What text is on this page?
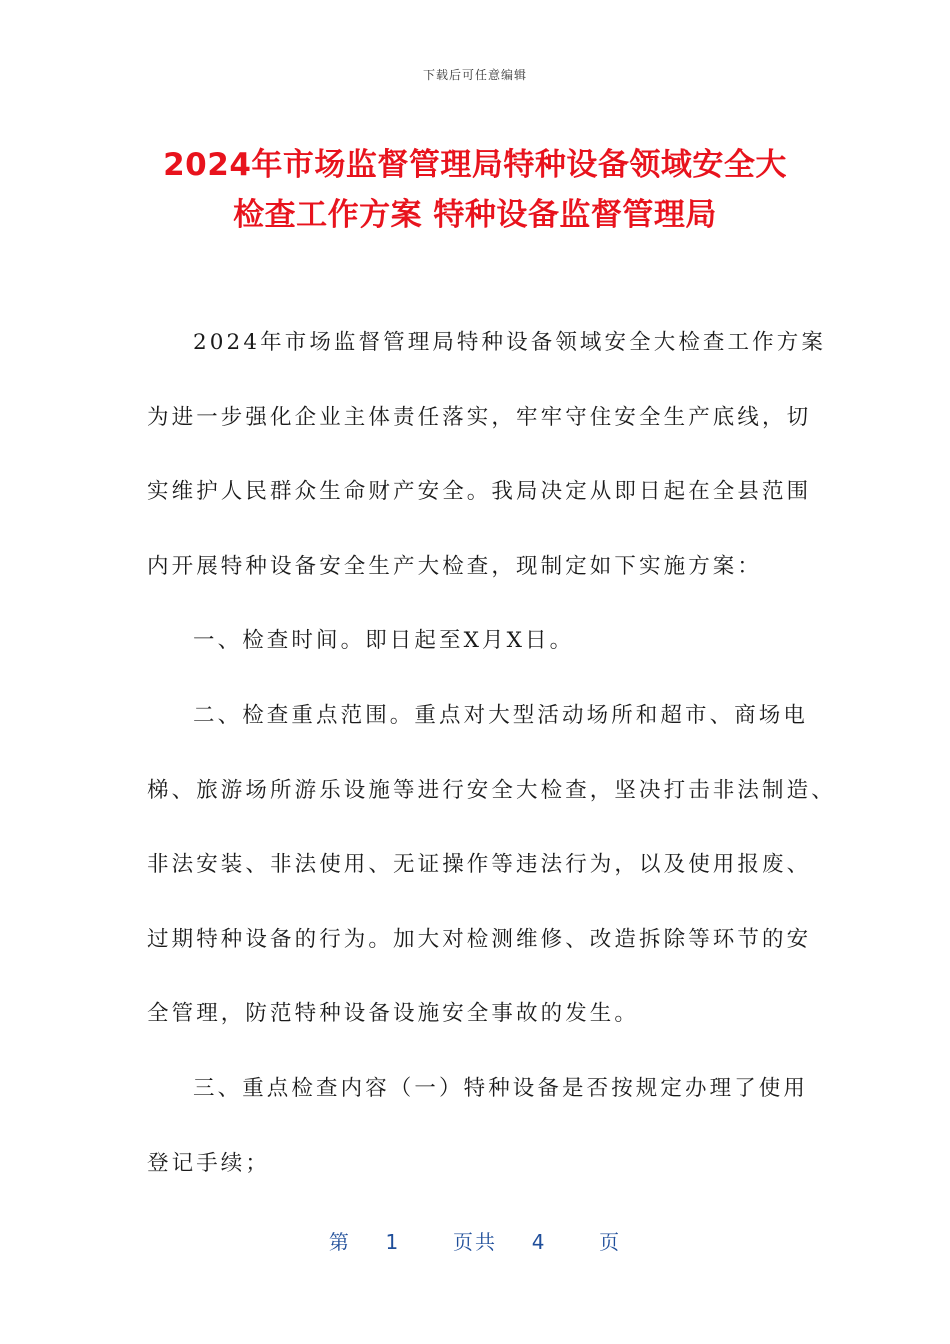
下载后可任意编辑
2024年市场监督管理局特种设备领域安全大
检查工作方案 特种设备监督管理局
2024年市场监督管理局特种设备领域安全大检查工作方案
为进一步强化企业主体责任落实，牢牢守住安全生产底线，切
实维护人民群众生命财产安全。我局决定从即日起在全县范围
内开展特种设备安全生产大检查，现制定如下实施方案：
一、检查时间。即日起至X月X日。
二、检查重点范围。重点对大型活动场所和超市、商场电
梯、旅游场所游乐设施等进行安全大检查，坚决打击非法制造、
非法安装、非法使用、无证操作等违法行为，以及使用报废、
过期特种设备的行为。加大对检测维修、改造拆除等环节的安
全管理，防范特种设备设施安全事故的发生。
三、重点检查内容（一）特种设备是否按规定办理了使用
登记手续；
第 1	页共 4	页
